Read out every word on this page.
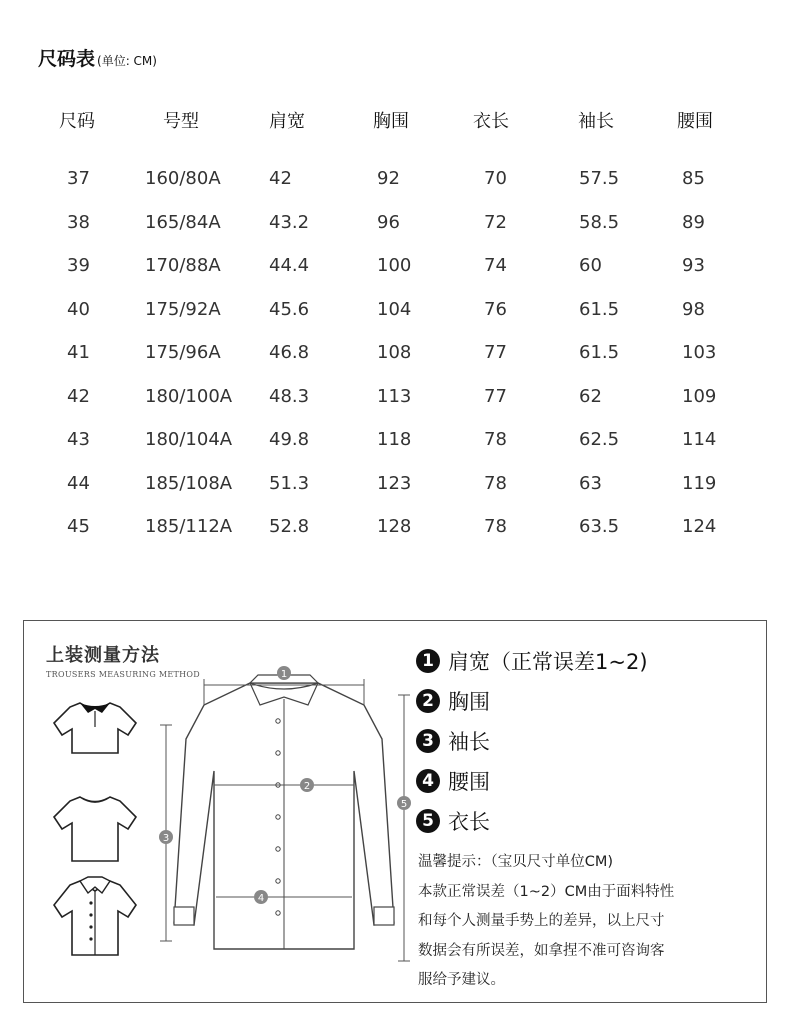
尺码表 (单位: CM)
尺码	号型	肩宽	胸围	衣长	袖长	腰围
37	160/80A	42	92	70	57.5	85
38	165/84A	43.2	96	72	58.5	89
39	170/88A	44.4	100	74	60	93
40	175/92A	45.6	104	76	61.5	98
41	175/96A	46.8	108	77	61.5	103
42	180/100A 48.3	113	77	62	109
43	180/104A 49.8	118	78	62.5	114
44	185/108A 51.3	123	78	63	119
45	185/112A 52.8	128	78	63.5	124
上装测量方法
TROUSERS MEASURING METHOD	1
2
3
4
5
1 肩宽（正常误差1~2)
2 胸围
3 袖长
4 腰围
5 衣长
温馨提示：（宝贝尺寸单位CM)
本款正常误差（1~2）CM由于面料特性
和每个人测量手势上的差异，以上尺寸
数据会有所误差，如拿捏不准可咨询客
服给予建议。
